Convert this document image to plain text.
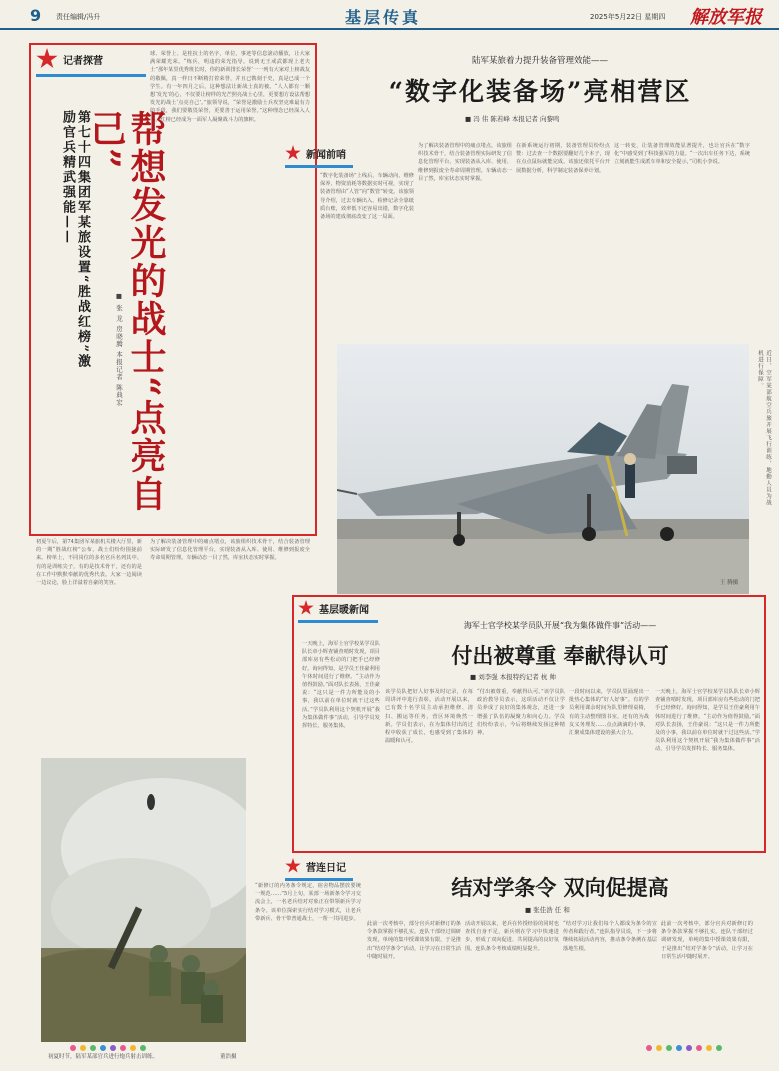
9 责任编辑/冯升	基层传真	2025年5月22日 星期四 解放军报
记者探营
第七十四集团军某旅设置“胜战红榜”激励官兵精武强能——	帮想发光的战士“点亮自己”
■ 张 龙 房晓腾 本报记者 陈典宏
球、荣誉上、是桂抗士的名字，单位，事迹等信息滚动播放，让大家满荣耀光荣。“练兵，明违的荣光指导。说到无王戒武都现上老夫士”那年某里优秀班长时，你的新训排长荣誉‘一一列有大家对上榜战友的敬佩，真一样日不断精打着荣誉，并且已镌刻于史，真是已成一个学生。有一年四月之后，这种想法让新战士真的被。“人人都有一颗想‘发光’的心，不仅要让榜样的光芒照亮战士心里，更要想方设法帮想发光的战士‘点亮自己’。”旅领导说，“荣誉是激励士兵攻坚克难最有力的手段，我们要敬畏荣誉，更要善于运用荣誉。”这种理念已经深入人心，红榜已经成为一面军人凝聚战斗力的旗帜。
初夏午后，第74集团军某旅机关楼大厅里，新的一期“胜战红榜”公布，战士们纷纷围拢前来。榜单上，不同岗位的多名官兵名列其中。有的是训练尖子，有的是技术骨干，还有的是在工作中默默奉献的优秀代表。大家一边阅读一边议论，脸上洋溢着自豪的笑容。
为了解决装备管理中的痛点堵点，该旅组织技术骨干，结合装备管理实际研发了信息化管理平台，实现装备从入库、使用、维修到报废全寿命周期管理。车辆动态一目了然，库室状态实时掌握。
陆军某旅着力提升装备管理效能——
“数字化装备场”亮相营区
■ 冯 伟 陈若峰 本报记者 向黎鸣
新闻前哨
“数字化装备场”上线后，车辆动向、维修保养、物资消耗等数据实时可视，实现了装备管理由“人管”向“数管”转变。该旅领导介绍，过去车辆出入、检修记录全靠纸质台账，效率低下还容易出错，数字化装备场的建成彻底改变了这一局面。
为了解决装备管理中的痛点堵点，该旅组织技术骨干，结合装备管理实际研发了信息化管理平台，实现装备从入库、使用、维修到报废全寿命周期管理。车辆动态一目了然，库室状态实时掌握。
在新系统运行初期，装备管理员纷纷点赞：过去查一个数据要翻好几个本子，现在点点鼠标就能完成。该旅还依托平台开展数据分析，科学制定装备保养计划。
这一转变，让装备管理效能显著提升，也让官兵在“数字化”中感受到了科技强军的力量。“一次出车任务下达，系统立刻就能生成派车单和安全提示，”司机小李说。
近日，空军某部航空兵旅开展飞行训练，地勤人员为战机进行保障。
王 腾摄
基层暖新闻
海军士官学校某学员队开展“我为集体做件事”活动——
付出被尊重 奉献得认可
■ 刘李强 本报特约记者 杭 帅
一天晚上，海军士官学校某学员队队长章小辉查铺查哨时发现，项目部库房有些松动的门把手已经修好。询问得知，是学员王佳豪利用午休时间进行了维修。“主动作为值得鼓励。”面对队长表扬，王佳豪说：“这只是一件力所能及的小事，我以前在单位时就干过这些活。”学员队利用这个契机开展“我为集体做件事”活动，引导学员发挥特长、服务集体。
该学员队把好人好事及时记录，在每周讲评中进行表彰。活动开展以来，已有数十名学员主动承担维修、清扫、搬运等任务，营区环境焕然一新。学员们表示，在为集体付出的过程中收获了成长，也感受到了集体的温暖和认可。
“付出被尊重，奉献得认可。”该学员队政治教导员表示，这项活动不仅让学员养成了良好的集体观念，还进一步增强了队伍的凝聚力和向心力。学员们纷纷表示，今后将继续发扬这种精神。
一段时间以来，学员队里涌现出一批热心集体的“好人好事”。有的学员利用课余时间为队里修理桌椅，有的主动整理图书室，还有的为战友义务理发……点点滴滴的小事，汇聚成集体建设的强大合力。
一天晚上，海军士官学校某学员队队长章小辉查铺查哨时发现，项目部库房有些松动的门把手已经修好。询问得知，是学员王佳豪利用午休时间进行了维修。“主动作为值得鼓励。”面对队长表扬，王佳豪说：“这只是一件力所能及的小事，我以前在单位时就干过这些活。”学员队利用这个契机开展“我为集体做件事”活动，引导学员发挥特长、服务集体。
营连日记
结对学条令 双向促提高
■ 张佳浩 任 和
“新修订的内务条令规定，宿舍物品摆放要统一规范……”5月上旬，某部一场新条令学习交流会上，一名老兵结对对象正在带领新兵学习条令。该单位探索实行结对学习模式，让老兵带新兵、骨干带普通战士，一帮一共同进步。
此前一次考核中，部分官兵对新修订的条令条款掌握不够扎实。连队干部经过调研发现，单纯的集中授课效果有限，于是推出“结对学条令”活动，让学习在日常生活中随时展开。
活动开展以来，老兵在传授经验的同时也查找自身不足，新兵则在学习中快速进步，形成了双向促进、共同提高的良好氛围。连队条令考核成绩明显提升。
“结对学习让我们每个人都成为条令的宣传者和践行者。”连队指导员说，下一步将继续拓展活动内容，推动条令条例在基层落地生根。
此前一次考核中，部分官兵对新修订的条令条款掌握不够扎实。连队干部经过调研发现，单纯的集中授课效果有限，于是推出“结对学条令”活动，让学习在日常生活中随时展开。
初夏时节，陆军某部官兵进行炮兵射击训练。	董浩摄
